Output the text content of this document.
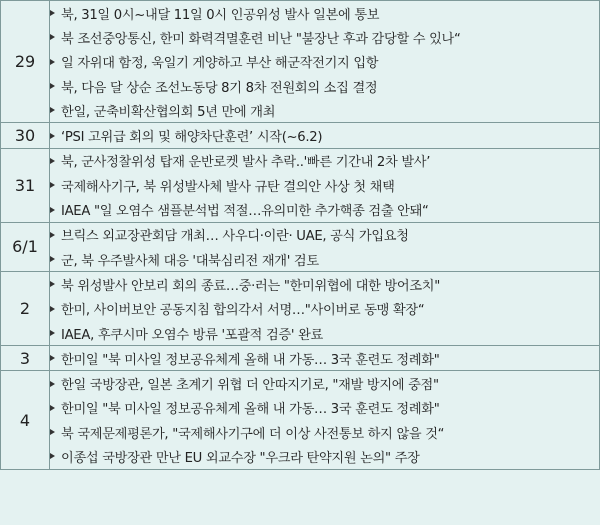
29	북, 31일 0시~내달 11일 0시 인공위성 발사 일본에 통보
북 조선중앙통신, 한미 화력격멸훈련 비난 "불장난 후과 감당할 수 있나“
일 자위대 함정, 욱일기 게양하고 부산 해군작전기지 입항
북, 다음 달 상순 조선노동당 8기 8차 전원회의 소집 결정
한일, 군축비확산협의회 5년 만에 개최

30	‘PSI 고위급 회의 및 해양차단훈련’ 시작(~6.2)

31	북, 군사정찰위성 탑재 운반로켓 발사 추락..'빠른 기간내 2차 발사’
국제해사기구, 북 위성발사체 발사 규탄 결의안 사상 첫 채택
IAEA "일 오염수 샘플분석법 적절…유의미한 추가핵종 검출 안돼“

6/1	브릭스 외교장관회담 개최… 사우디·이란· UAE, 공식 가입요청
군, 북 우주발사체 대응 '대북심리전 재개' 검토

2	북 위성발사 안보리 회의 종료…중·러는 "한미위협에 대한 방어조치"
한미, 사이버보안 공동지침 합의각서 서명…"사이버로 동맹 확장“
IAEA, 후쿠시마 오염수 방류 '포괄적 검증' 완료

3	한미일 "북 미사일 정보공유체계 올해 내 가동… 3국 훈련도 정례화"

4	한일 국방장관, 일본 초계기 위협 더 안따지기로, "재발 방지에 중점"
한미일 "북 미사일 정보공유체계 올해 내 가동… 3국 훈련도 정례화"
북 국제문제평론가, "국제해사기구에 더 이상 사전통보 하지 않을 것“
이종섭 국방장관 만난 EU 외교수장 "우크라 탄약지원 논의" 주장
